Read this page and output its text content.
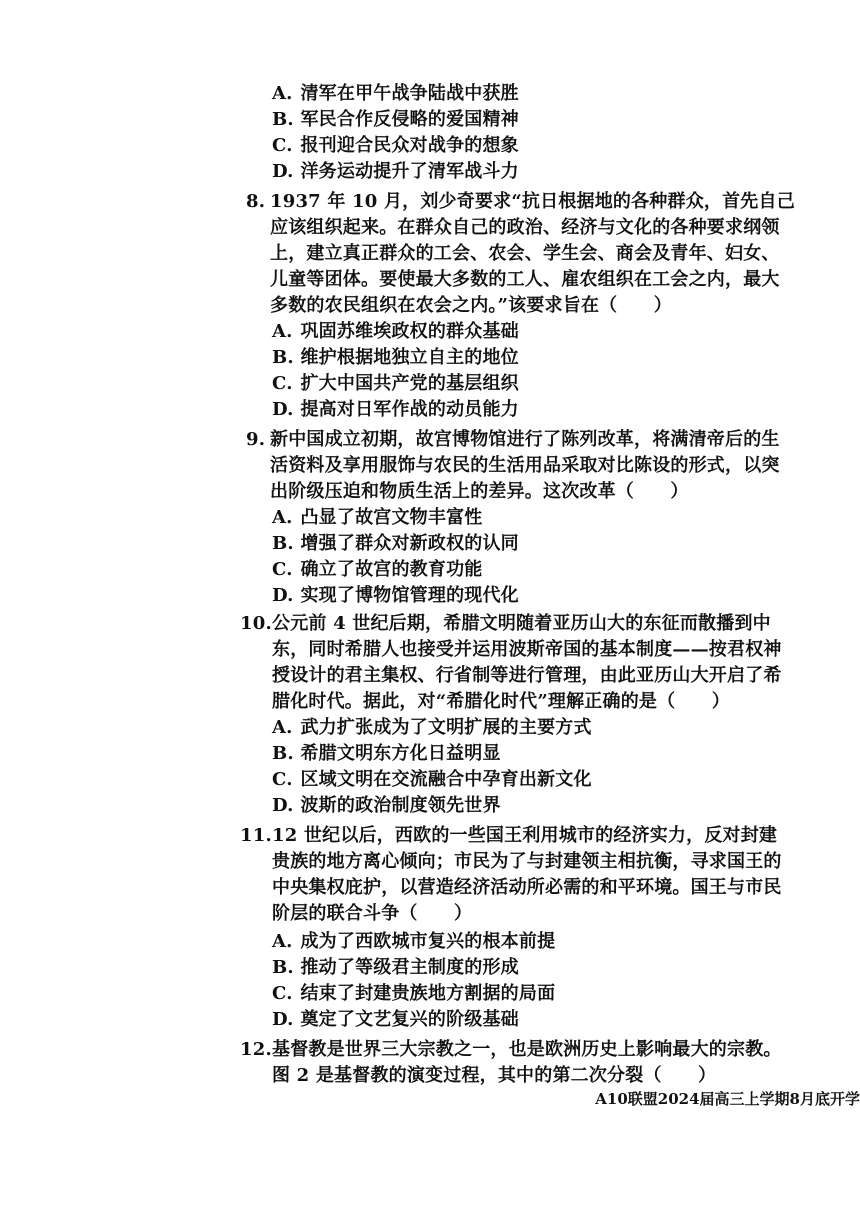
A. 清军在甲午战争陆战中获胜
B. 军民合作反侵略的爱国精神
C. 报刊迎合民众对战争的想象
D. 洋务运动提升了清军战斗力
8. 1937 年 10 月，刘少奇要求“抗日根据地的各种群众，首先自己
应该组织起来。在群众自己的政治、经济与文化的各种要求纲领
上，建立真正群众的工会、农会、学生会、商会及青年、妇女、
儿童等团体。要使最大多数的工人、雇农组织在工会之内，最大
多数的农民组织在农会之内。”该要求旨在（　　）
A. 巩固苏维埃政权的群众基础
B. 维护根据地独立自主的地位
C. 扩大中国共产党的基层组织
D. 提高对日军作战的动员能力
9. 新中国成立初期，故宫博物馆进行了陈列改革，将满清帝后的生
活资料及享用服饰与农民的生活用品采取对比陈设的形式，以突
出阶级压迫和物质生活上的差异。这次改革（　　）
A. 凸显了故宫文物丰富性
B. 增强了群众对新政权的认同
C. 确立了故宫的教育功能
D. 实现了博物馆管理的现代化
10. 公元前 4 世纪后期，希腊文明随着亚历山大的东征而散播到中
东，同时希腊人也接受并运用波斯帝国的基本制度——按君权神
授设计的君主集权、行省制等进行管理，由此亚历山大开启了希
腊化时代。据此，对“希腊化时代”理解正确的是（　　）
A. 武力扩张成为了文明扩展的主要方式
B. 希腊文明东方化日益明显
C. 区域文明在交流融合中孕育出新文化
D. 波斯的政治制度领先世界
11. 12 世纪以后，西欧的一些国王利用城市的经济实力，反对封建
贵族的地方离心倾向；市民为了与封建领主相抗衡，寻求国王的
中央集权庇护，以营造经济活动所必需的和平环境。国王与市民
阶层的联合斗争（　　）
A. 成为了西欧城市复兴的根本前提
B. 推动了等级君主制度的形成
C. 结束了封建贵族地方割据的局面
D. 奠定了文艺复兴的阶级基础
12. 基督教是世界三大宗教之一，也是欧洲历史上影响最大的宗教。
图 2 是基督教的演变过程，其中的第二次分裂（　　）
A10联盟2024届高三上学期8月底开学
